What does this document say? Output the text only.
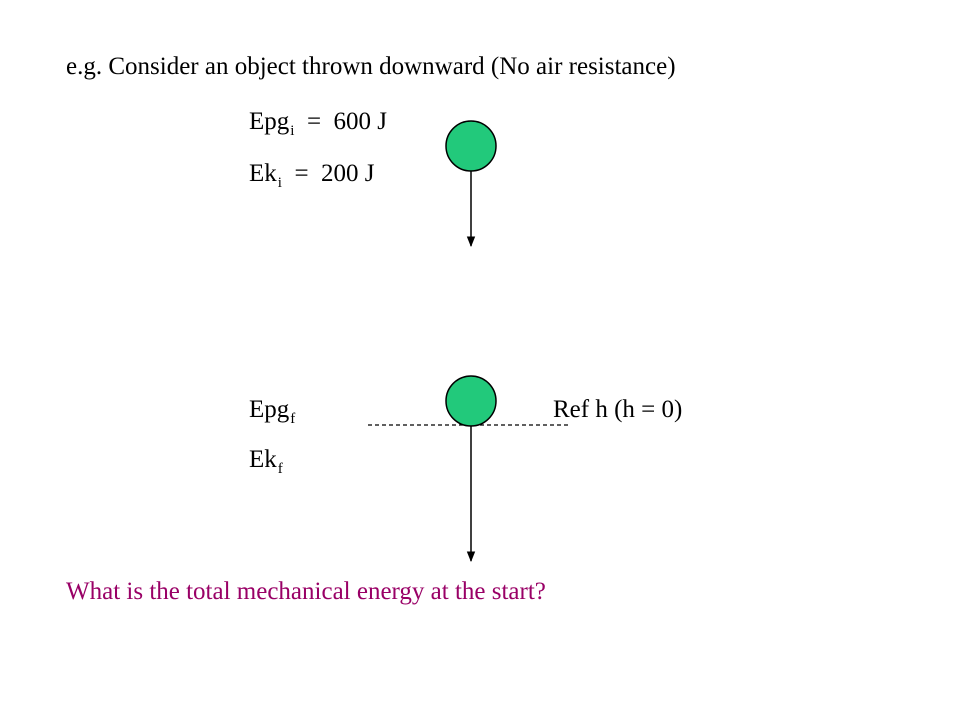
e.g. Consider an object thrown downward (No air resistance)
Epg$_i$  =  600 J
$Ek_i = 200$ J
Epg$_f$
$Ek_f$
Ref h (h = 0)
What is the total mechanical energy at the start?
